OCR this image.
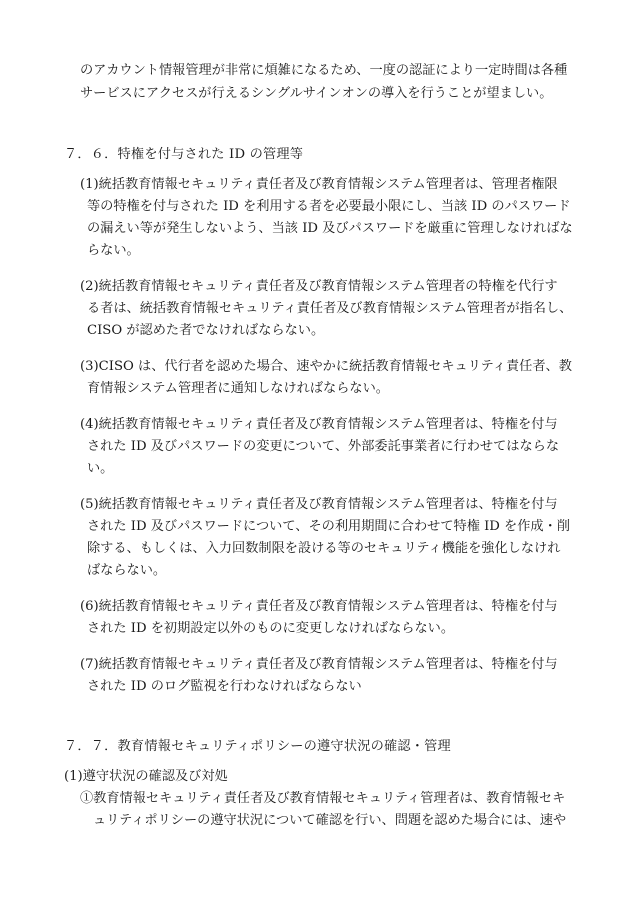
のアカウント情報管理が非常に煩雑になるため、一度の認証により一定時間は各種
サービスにアクセスが行えるシングルサインオンの導入を行うことが望ましい。
７．６．特権を付与された ID の管理等
(1)統括教育情報セキュリティ責任者及び教育情報システム管理者は、管理者権限
等の特権を付与された ID を利用する者を必要最小限にし、当該 ID のパスワード
の漏えい等が発生しないよう、当該 ID 及びパスワードを厳重に管理しなければな
らない。
(2)統括教育情報セキュリティ責任者及び教育情報システム管理者の特権を代行す
る者は、統括教育情報セキュリティ責任者及び教育情報システム管理者が指名し、
CISO が認めた者でなければならない。
(3)CISO は、代行者を認めた場合、速やかに統括教育情報セキュリティ責任者、教
育情報システム管理者に通知しなければならない。
(4)統括教育情報セキュリティ責任者及び教育情報システム管理者は、特権を付与
された ID 及びパスワードの変更について、外部委託事業者に行わせてはならな
い。
(5)統括教育情報セキュリティ責任者及び教育情報システム管理者は、特権を付与
された ID 及びパスワードについて、その利用期間に合わせて特権 ID を作成・削
除する、もしくは、入力回数制限を設ける等のセキュリティ機能を強化しなけれ
ばならない。
(6)統括教育情報セキュリティ責任者及び教育情報システム管理者は、特権を付与
された ID を初期設定以外のものに変更しなければならない。
(7)統括教育情報セキュリティ責任者及び教育情報システム管理者は、特権を付与
された ID のログ監視を行わなければならない
７．７．教育情報セキュリティポリシーの遵守状況の確認・管理
(1)遵守状況の確認及び対処
①教育情報セキュリティ責任者及び教育情報セキュリティ管理者は、教育情報セキ
ュリティポリシーの遵守状況について確認を行い、問題を認めた場合には、速や
